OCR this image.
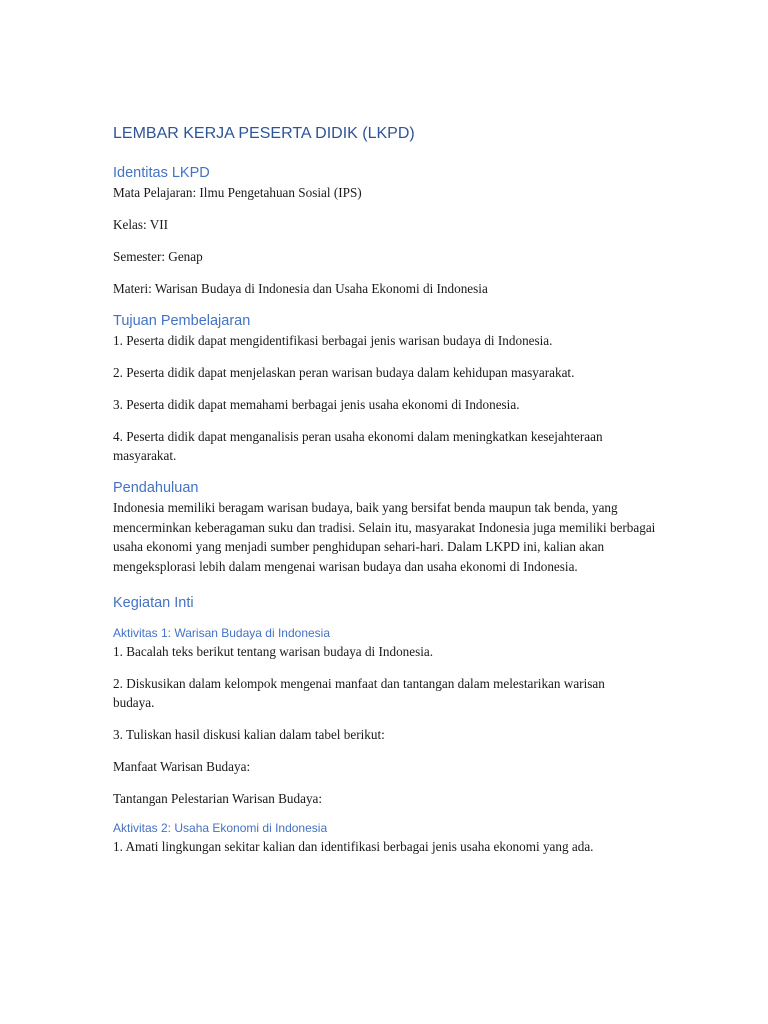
LEMBAR KERJA PESERTA DIDIK (LKPD)
Identitas LKPD

Mata Pelajaran: Ilmu Pengetahuan Sosial (IPS)

Kelas: VII

Semester: Genap

Materi: Warisan Budaya di Indonesia dan Usaha Ekonomi di Indonesia

Tujuan Pembelajaran

1. Peserta didik dapat mengidentifikasi berbagai jenis warisan budaya di Indonesia.

2. Peserta didik dapat menjelaskan peran warisan budaya dalam kehidupan masyarakat.

3. Peserta didik dapat memahami berbagai jenis usaha ekonomi di Indonesia.

4. Peserta didik dapat menganalisis peran usaha ekonomi dalam meningkatkan kesejahteraan masyarakat.

Pendahuluan

Indonesia memiliki beragam warisan budaya, baik yang bersifat benda maupun tak benda, yang mencerminkan keberagaman suku dan tradisi. Selain itu, masyarakat Indonesia juga memiliki berbagai usaha ekonomi yang menjadi sumber penghidupan sehari-hari. Dalam LKPD ini, kalian akan mengeksplorasi lebih dalam mengenai warisan budaya dan usaha ekonomi di Indonesia.

Kegiatan Inti
Aktivitas 1: Warisan Budaya di Indonesia

1. Bacalah teks berikut tentang warisan budaya di Indonesia.

2. Diskusikan dalam kelompok mengenai manfaat dan tantangan dalam melestarikan warisan budaya.

3. Tuliskan hasil diskusi kalian dalam tabel berikut:

Manfaat Warisan Budaya:

Tantangan Pelestarian Warisan Budaya:

Aktivitas 2: Usaha Ekonomi di Indonesia

1. Amati lingkungan sekitar kalian dan identifikasi berbagai jenis usaha ekonomi yang ada.
